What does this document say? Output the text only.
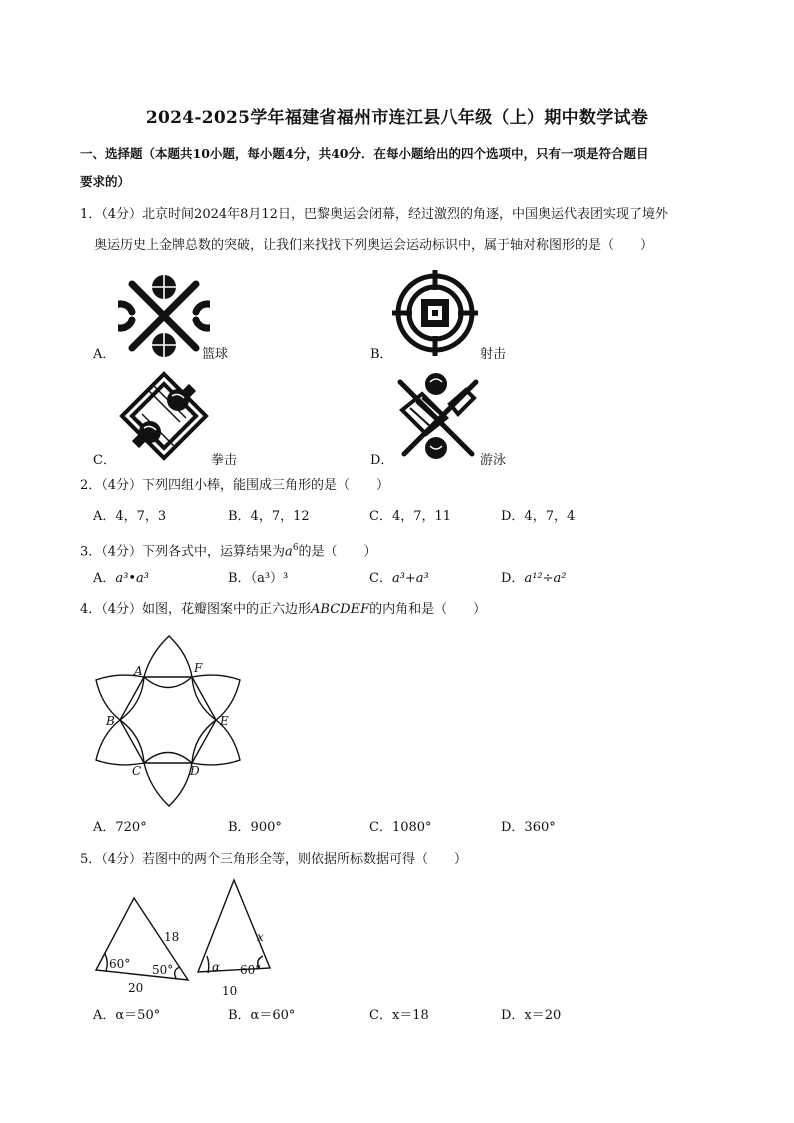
2024-2025学年福建省福州市连江县八年级（上）期中数学试卷
一、选择题（本题共10小题，每小题4分，共40分．在每小题给出的四个选项中，只有一项是符合题目
要求的）
1．（4分）北京时间2024年8月12日，巴黎奥运会闭幕，经过激烈的角逐，中国奥运代表团实现了境外
奥运历史上金牌总数的突破，让我们来找找下列奥运会运动标识中，属于轴对称图形的是（　　）
A．	篮球	B．	射击
C．	拳击	D．	游泳
2．（4分）下列四组小棒，能围成三角形的是（　　）
A．4，7，3	B．4，7，12	C．4，7，11	D．4，7，4
3．（4分）下列各式中，运算结果为$a^6$的是（　　）
A．a³•a³	B．（a³）³	C．a³+a³	D．a¹²÷a²
4．（4分）如图，花瓣图案中的正六边形ABCDEF的内角和是（　　）
A	F
B	E
C	D
A．720°	B．900°	C．1080°	D．360°
5．（4分）若图中的两个三角形全等，则依据所标数据可得（　　）
18
60° 50°
20
x
α 60°
10
A．α＝50°	B．α＝60°	C．x＝18	D．x＝20
